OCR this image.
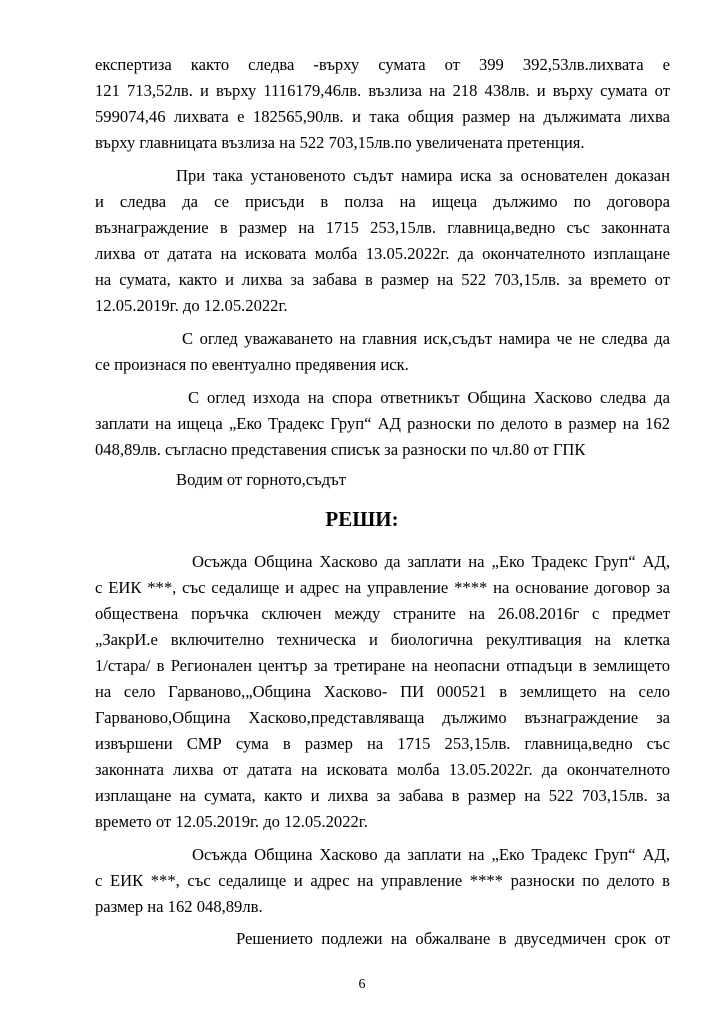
експертиза както следва -върху сумата от 399 392,53лв.лихвата е

121 713,52лв. и върху 1116179,46лв. възлиза на 218 438лв. и върху сумата от

599074,46 лихвата е 182565,90лв. и така общия размер на дължимата лихва

върху главницата възлиза на 522 703,15лв.по увеличената претенция.

При така установеното съдът намира иска за основателен доказан

и следва да се присъди в полза на ищеца дължимо по договора

възнаграждение в размер на 1715 253,15лв. главница,ведно със законната

лихва от датата на исковата молба 13.05.2022г. да окончателното изплащане

на сумата, както и лихва за забава в размер на 522 703,15лв. за времето от

12.05.2019г. до 12.05.2022г.

С оглед уважаването на главния иск,съдът намира че не следва да

се произнася по евентуално предявения иск.

С оглед изхода на спора ответникът Община Хасково следва да

заплати на ищеца „Еко Традекс Груп“ АД разноски по делото в размер на 162

048,89лв. съгласно представения списък за разноски по чл.80 от ГПК

Водим от горното,съдът

РЕШИ:

Осъжда Община Хасково да заплати на „Еко Традекс Груп“ АД,

с ЕИК ***, със седалище и адрес на управление **** на основание договор за

обществена поръчка сключен между страните на 26.08.2016г с предмет

„ЗакрИ.е включително техническа и биологична рекултивация на клетка

1/стара/ в Регионален център за третиране на неопасни отпадъци в землището

на село Гарваново,„Община Хасково- ПИ 000521 в землището на село

Гарваново,Община Хасково,представляваща дължимо възнаграждение за

извършени СМР сума в размер на 1715 253,15лв. главница,ведно със

законната лихва от датата на исковата молба 13.05.2022г. да окончателното

изплащане на сумата, както и лихва за забава в размер на 522 703,15лв. за

времето от 12.05.2019г. до 12.05.2022г.

Осъжда Община Хасково да заплати на „Еко Традекс Груп“ АД,

с ЕИК ***, със седалище и адрес на управление **** разноски по делото в

размер на 162 048,89лв.

Решението подлежи на обжалване в двуседмичен срок от

6
